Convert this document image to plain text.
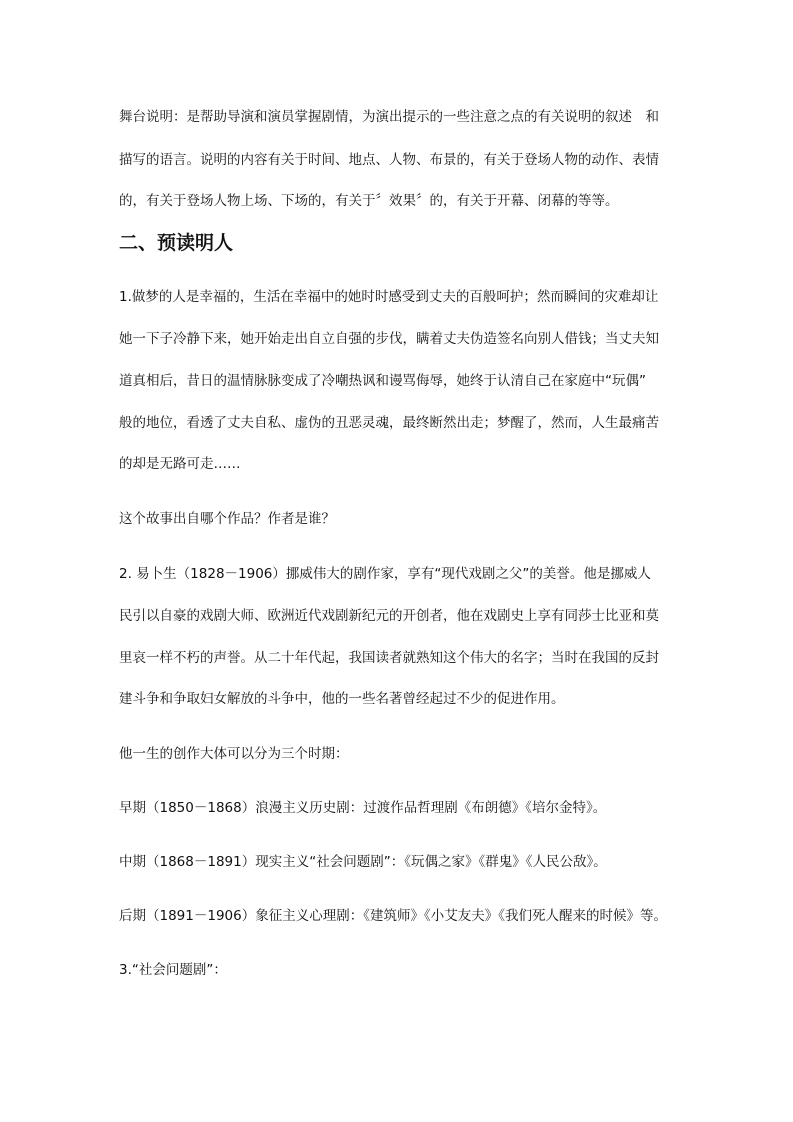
舞台说明：是帮助导演和演员掌握剧情，为演出提示的一些注意之点的有关说明的叙述　和
描写的语言。说明的内容有关于时间、地点、人物、布景的，有关于登场人物的动作、表情
的，有关于登场人物上场、下场的，有关于〞效果〞的，有关于开幕、闭幕的等等。
二、预读明人
1.做梦的人是幸福的，生活在幸福中的她时时感受到丈夫的百般呵护；然而瞬间的灾难却让
她一下子冷静下来，她开始走出自立自强的步伐，瞒着丈夫伪造签名向别人借钱；当丈夫知
道真相后，昔日的温情脉脉变成了冷嘲热讽和谩骂侮辱，她终于认清自己在家庭中“玩偶”
般的地位，看透了丈夫自私、虚伪的丑恶灵魂，最终断然出走；梦醒了，然而，人生最痛苦
的却是无路可走……
这个故事出自哪个作品？作者是谁？
2. 易卜生（1828－1906）挪威伟大的剧作家，享有“现代戏剧之父”的美誉。他是挪威人
民引以自豪的戏剧大师、欧洲近代戏剧新纪元的开创者，他在戏剧史上享有同莎士比亚和莫
里哀一样不朽的声誉。从二十年代起，我国读者就熟知这个伟大的名字；当时在我国的反封
建斗争和争取妇女解放的斗争中，他的一些名著曾经起过不少的促进作用。
他一生的创作大体可以分为三个时期：
早期（1850－1868）浪漫主义历史剧：过渡作品哲理剧《布朗德》《培尔金特》。
中期（1868－1891）现实主义“社会问题剧”：《玩偶之家》《群鬼》《人民公敌》。
后期（1891－1906）象征主义心理剧：《建筑师》《小艾友夫》《我们死人醒来的时候》等。
3.“社会问题剧”：
